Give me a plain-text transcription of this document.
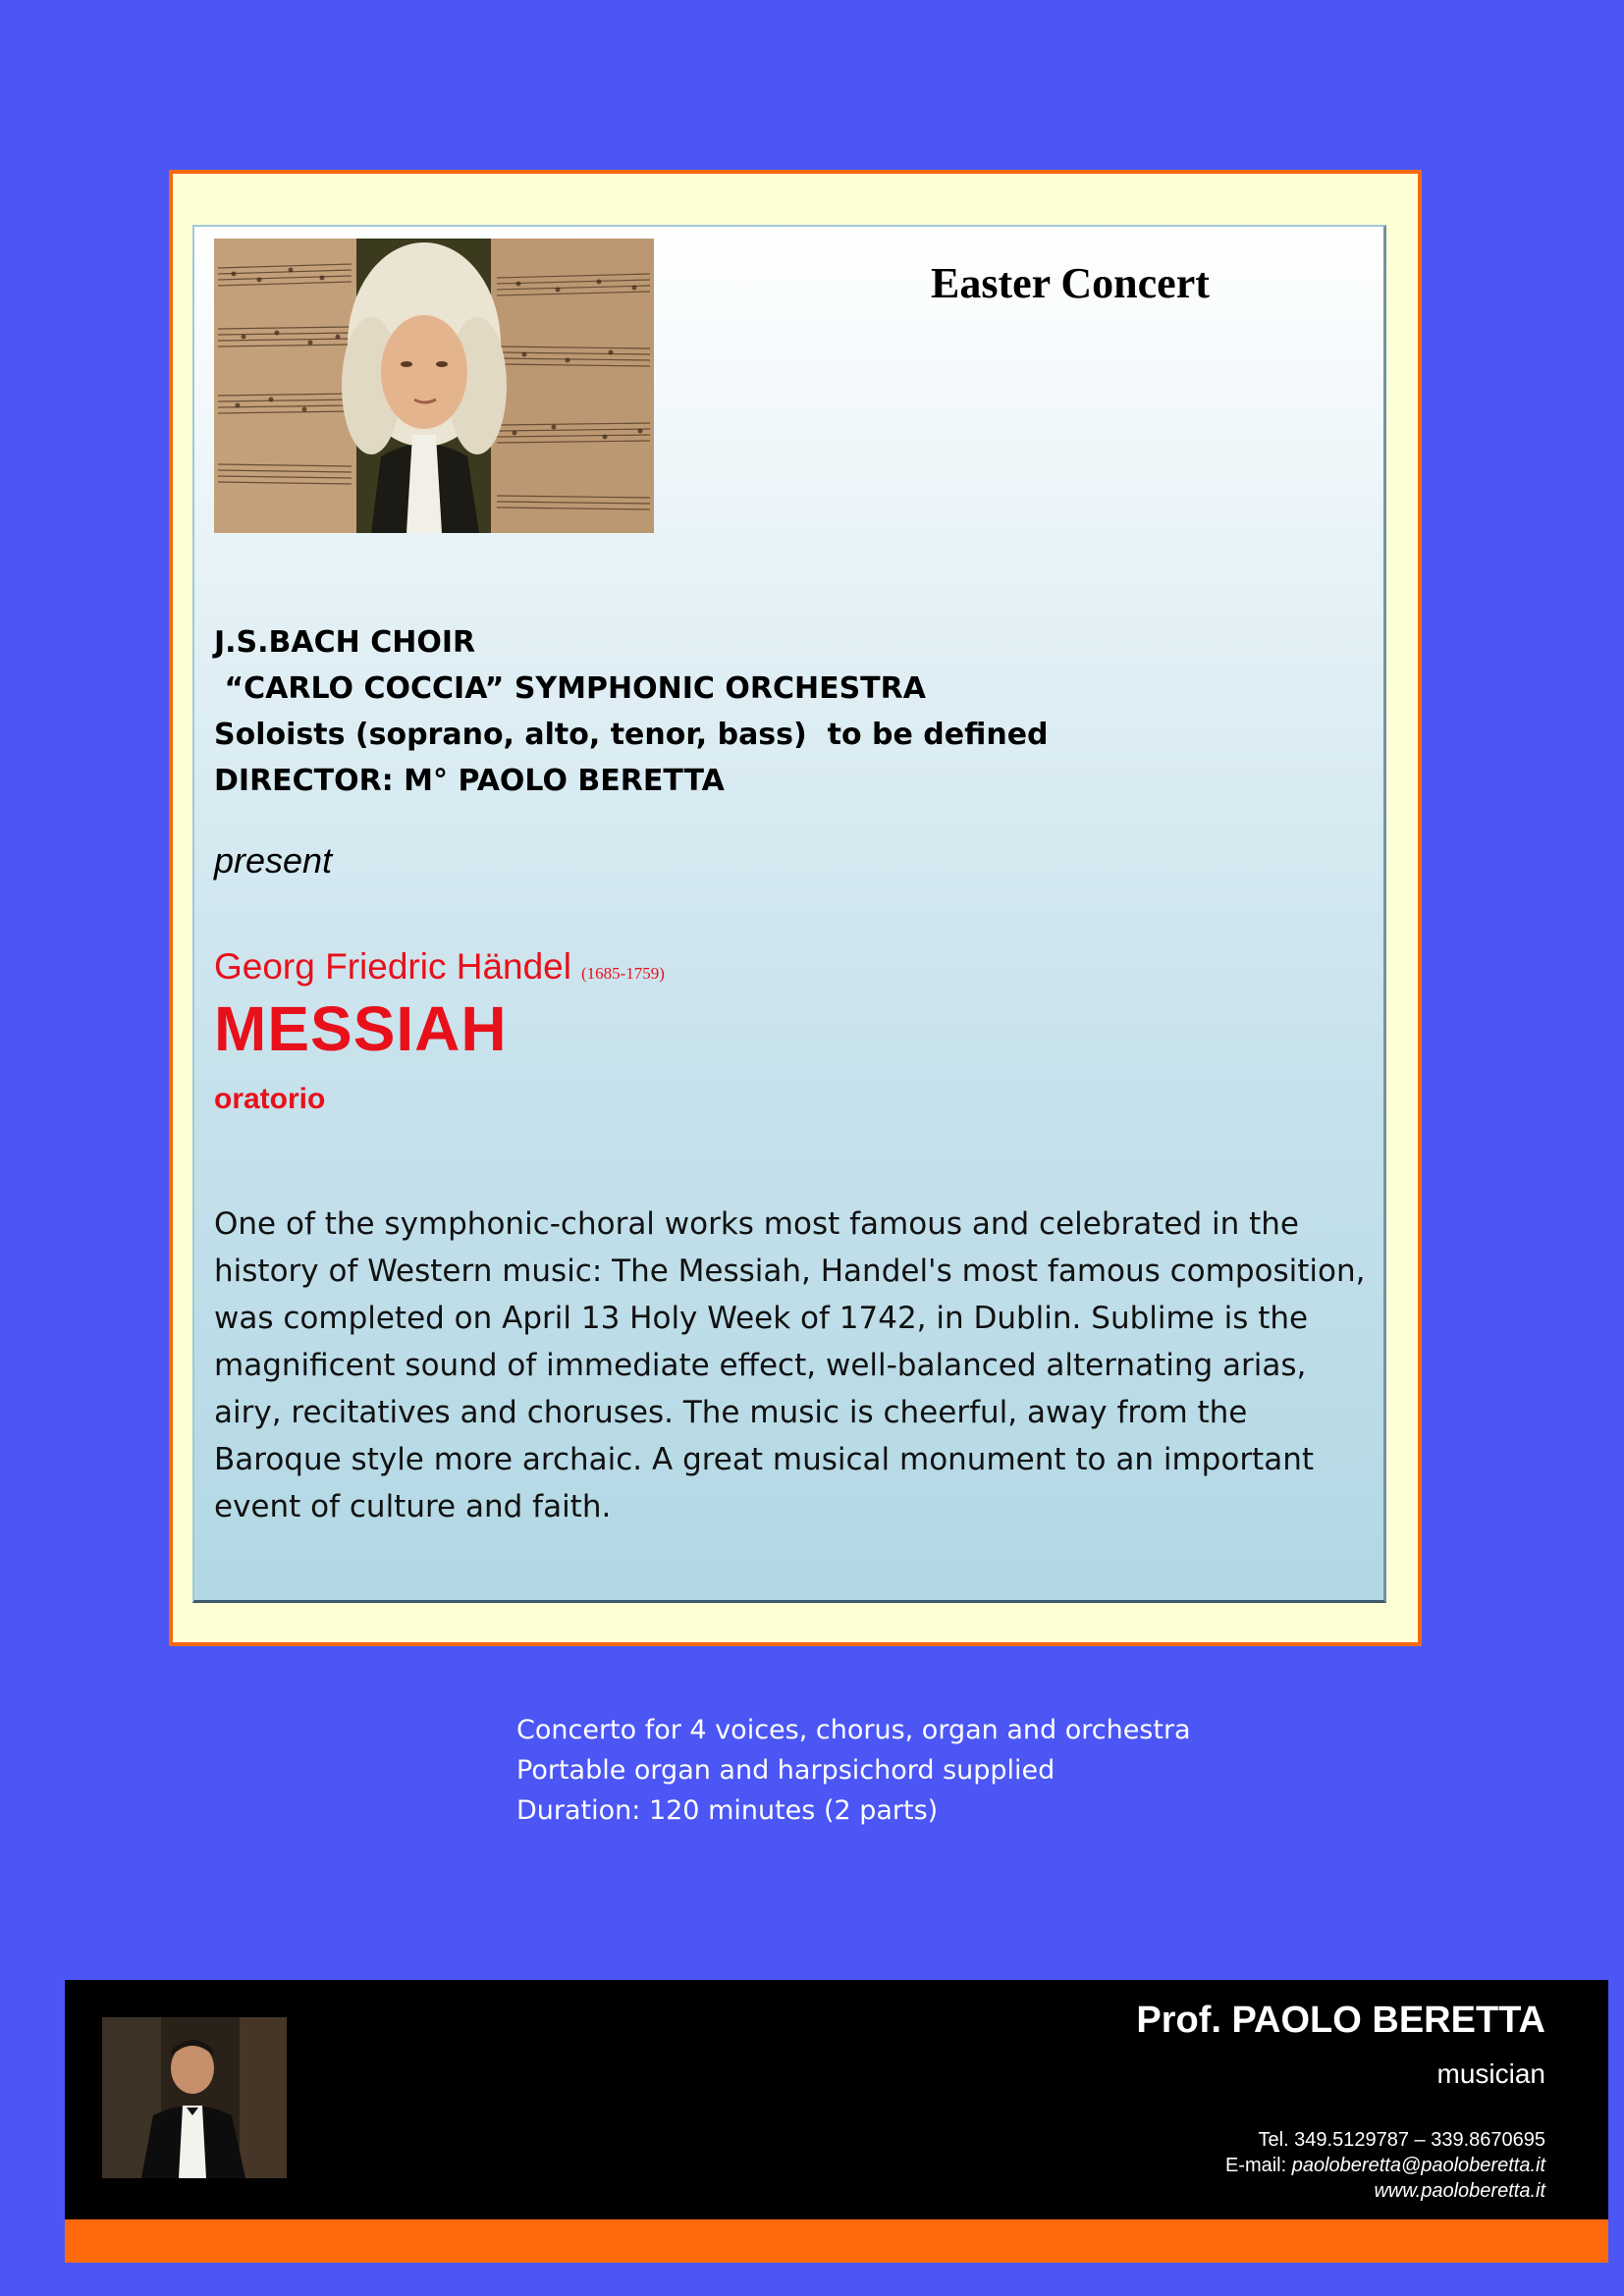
Easter Concert
J.S.BACH CHOIR
“CARLO COCCIA” SYMPHONIC ORCHESTRA
Soloists (soprano, alto, tenor, bass)  to be defined
DIRECTOR: M° PAOLO BERETTA
present
Georg Friedric Händel (1685-1759)
MESSIAH
oratorio
One of the symphonic-choral works most famous and celebrated in the history of Western music: The Messiah, Handel's most famous composition, was completed on April 13 Holy Week of 1742, in Dublin. Sublime is the magnificent sound of immediate effect, well-balanced alternating arias, airy, recitatives and choruses. The music is cheerful, away from the Baroque style more archaic. A great musical monument to an important event of culture and faith.
Concerto for 4 voices, chorus, organ and orchestra
Portable organ and harpsichord supplied
Duration: 120 minutes (2 parts)
Prof. PAOLO BERETTA
musician
Tel. 349.5129787 – 339.8670695
E-mail: paoloberetta@paoloberetta.it
www.paoloberetta.it
